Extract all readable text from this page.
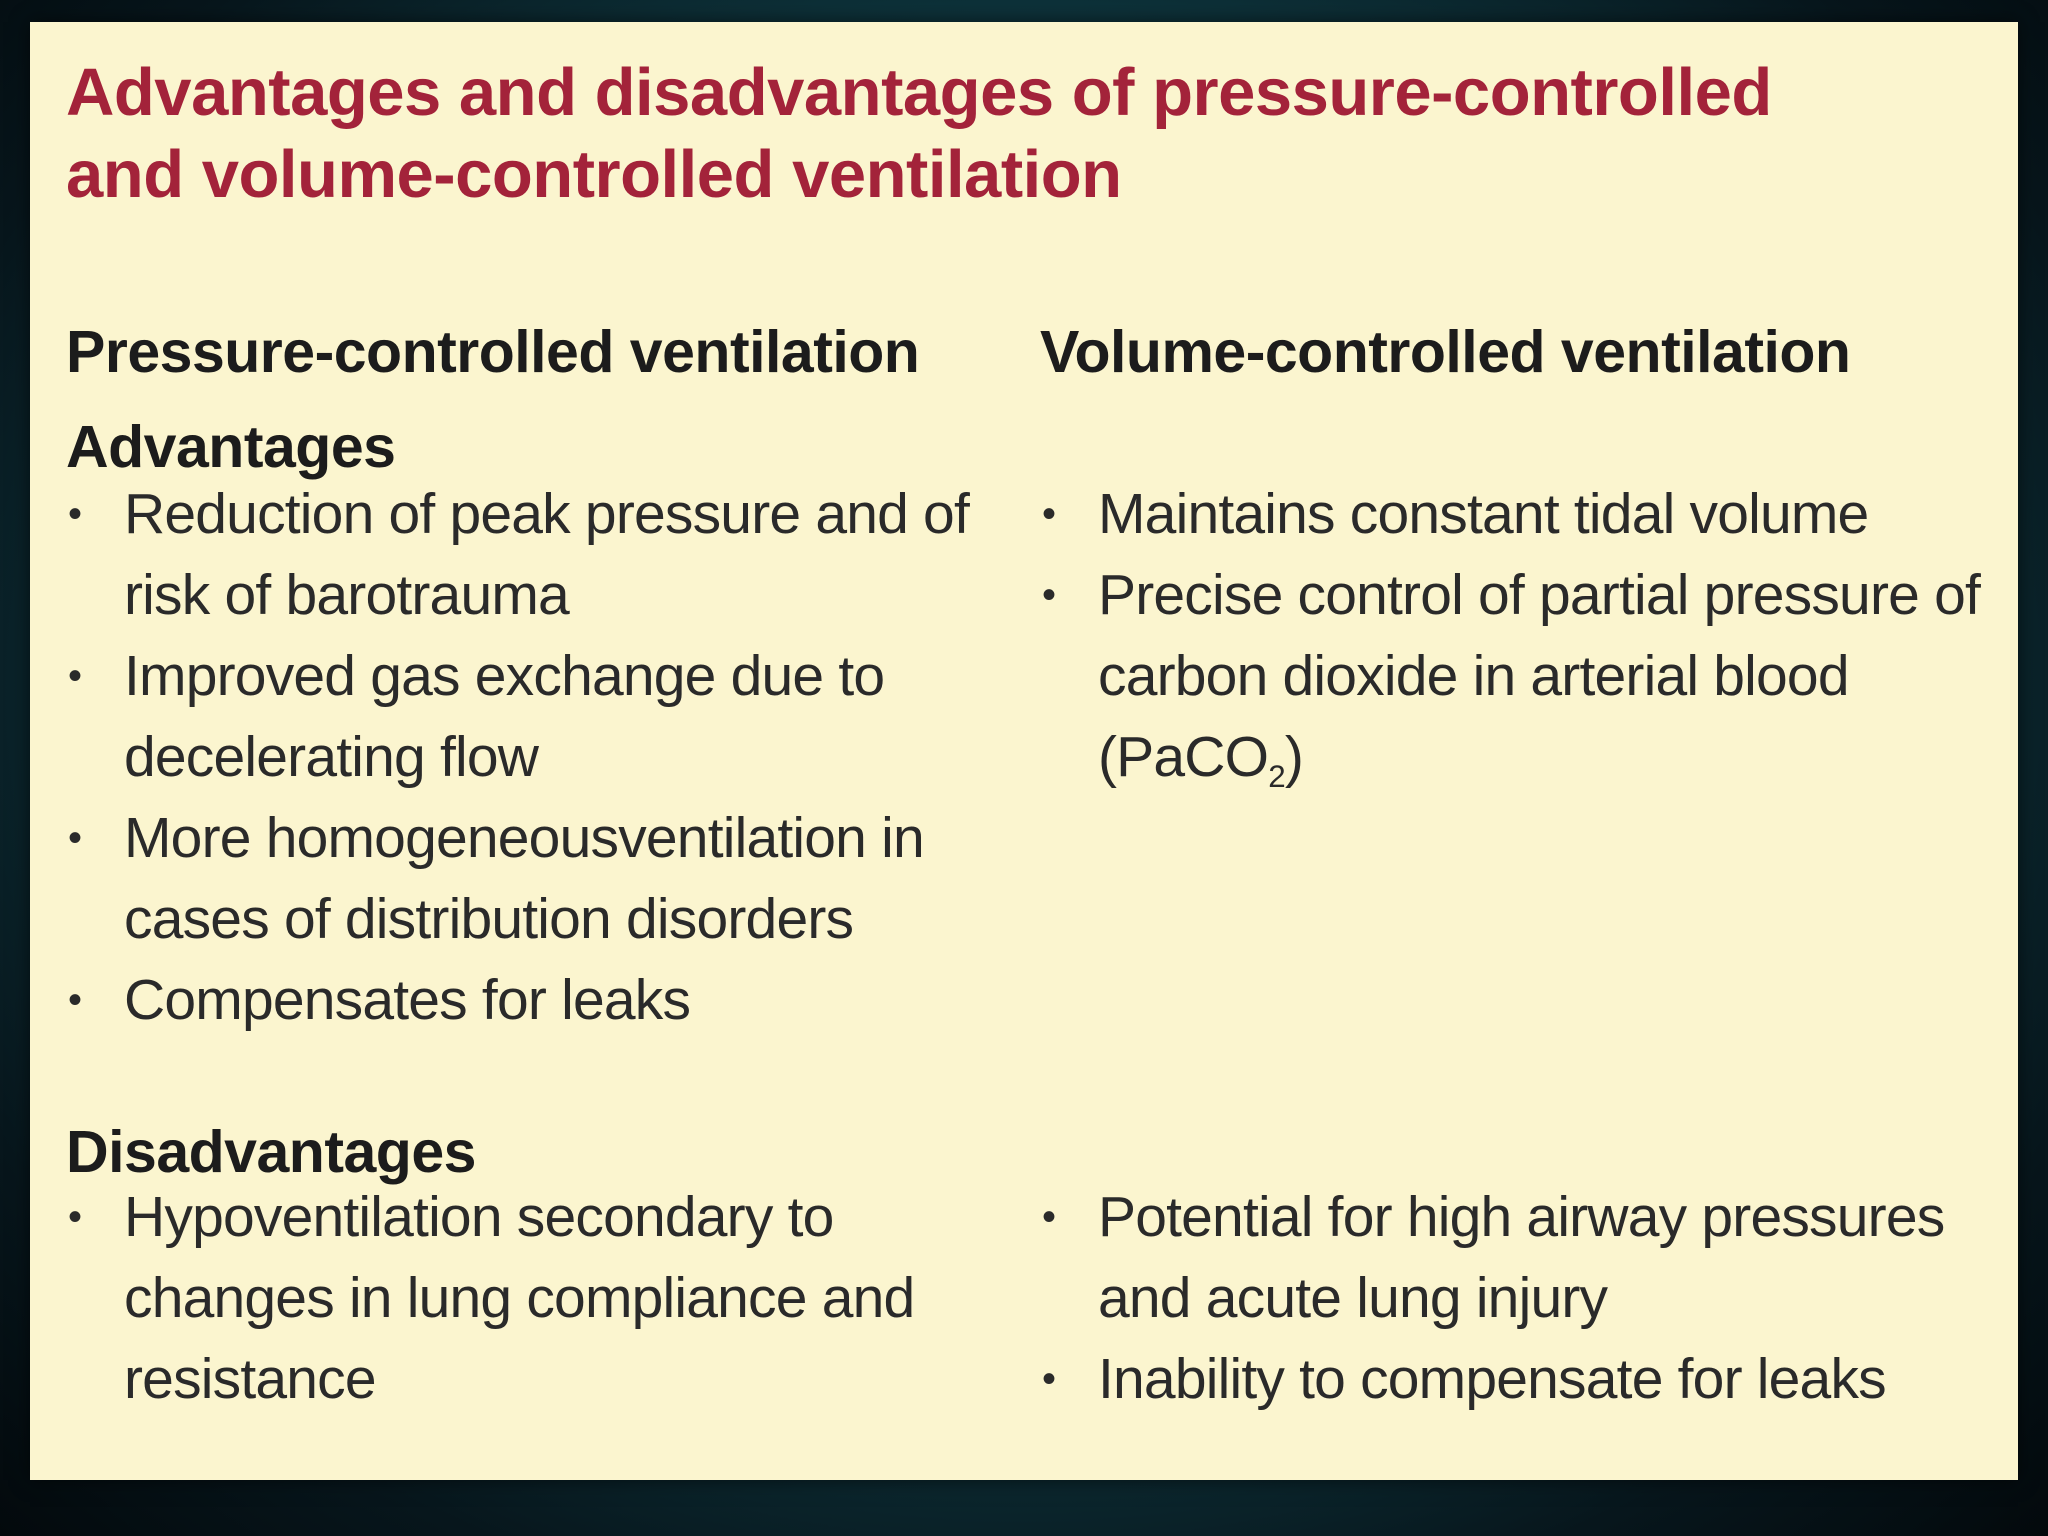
Advantages and disadvantages of pressure-controlled
and volume-controlled ventilation
Pressure-controlled ventilation Volume-controlled ventilation
Advantages
• Reduction of peak pressure and of risk of barotrauma
• Improved gas exchange due to decelerating flow
• More homogeneousventilation in cases of distribution disorders
• Compensates for leaks
• Maintains constant tidal volume
• Precise control of partial pressure of carbon dioxide in arterial blood (PaCO$_2$)
Disadvantages
• Hypoventilation secondary to changes in lung compliance and resistance
• Potential for high airway pressures and acute lung injury
• Inability to compensate for leaks
